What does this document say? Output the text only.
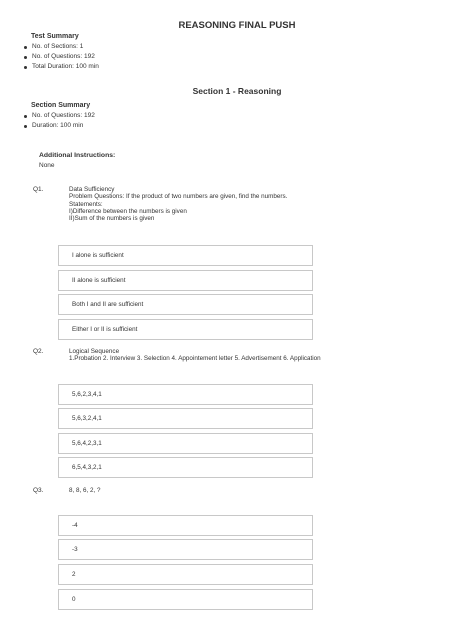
REASONING FINAL PUSH
Test Summary
No. of Sections: 1
No. of Questions: 192
Total Duration: 100 min
Section 1 - Reasoning
Section Summary
No. of Questions: 192
Duration: 100 min
Additional Instructions:
None
Q1.	Data Sufficiency
Problem Questions: If the product of two numbers are given, find the numbers.
Statements:
I)Difference between the numbers is given
II)Sum of the numbers is given
I alone is sufficient
II alone is sufficient
Both I and II are sufficient
Either I or II is sufficient
Q2.	Logical Sequence
1.Probation 2. Interview 3. Selection 4. Appointement letter 5. Advertisement 6. Application
5,6,2,3,4,1
5,6,3,2,4,1
5,6,4,2,3,1
6,5,4,3,2,1
Q3.	8, 8, 6, 2, ?
-4
-3
2
0
